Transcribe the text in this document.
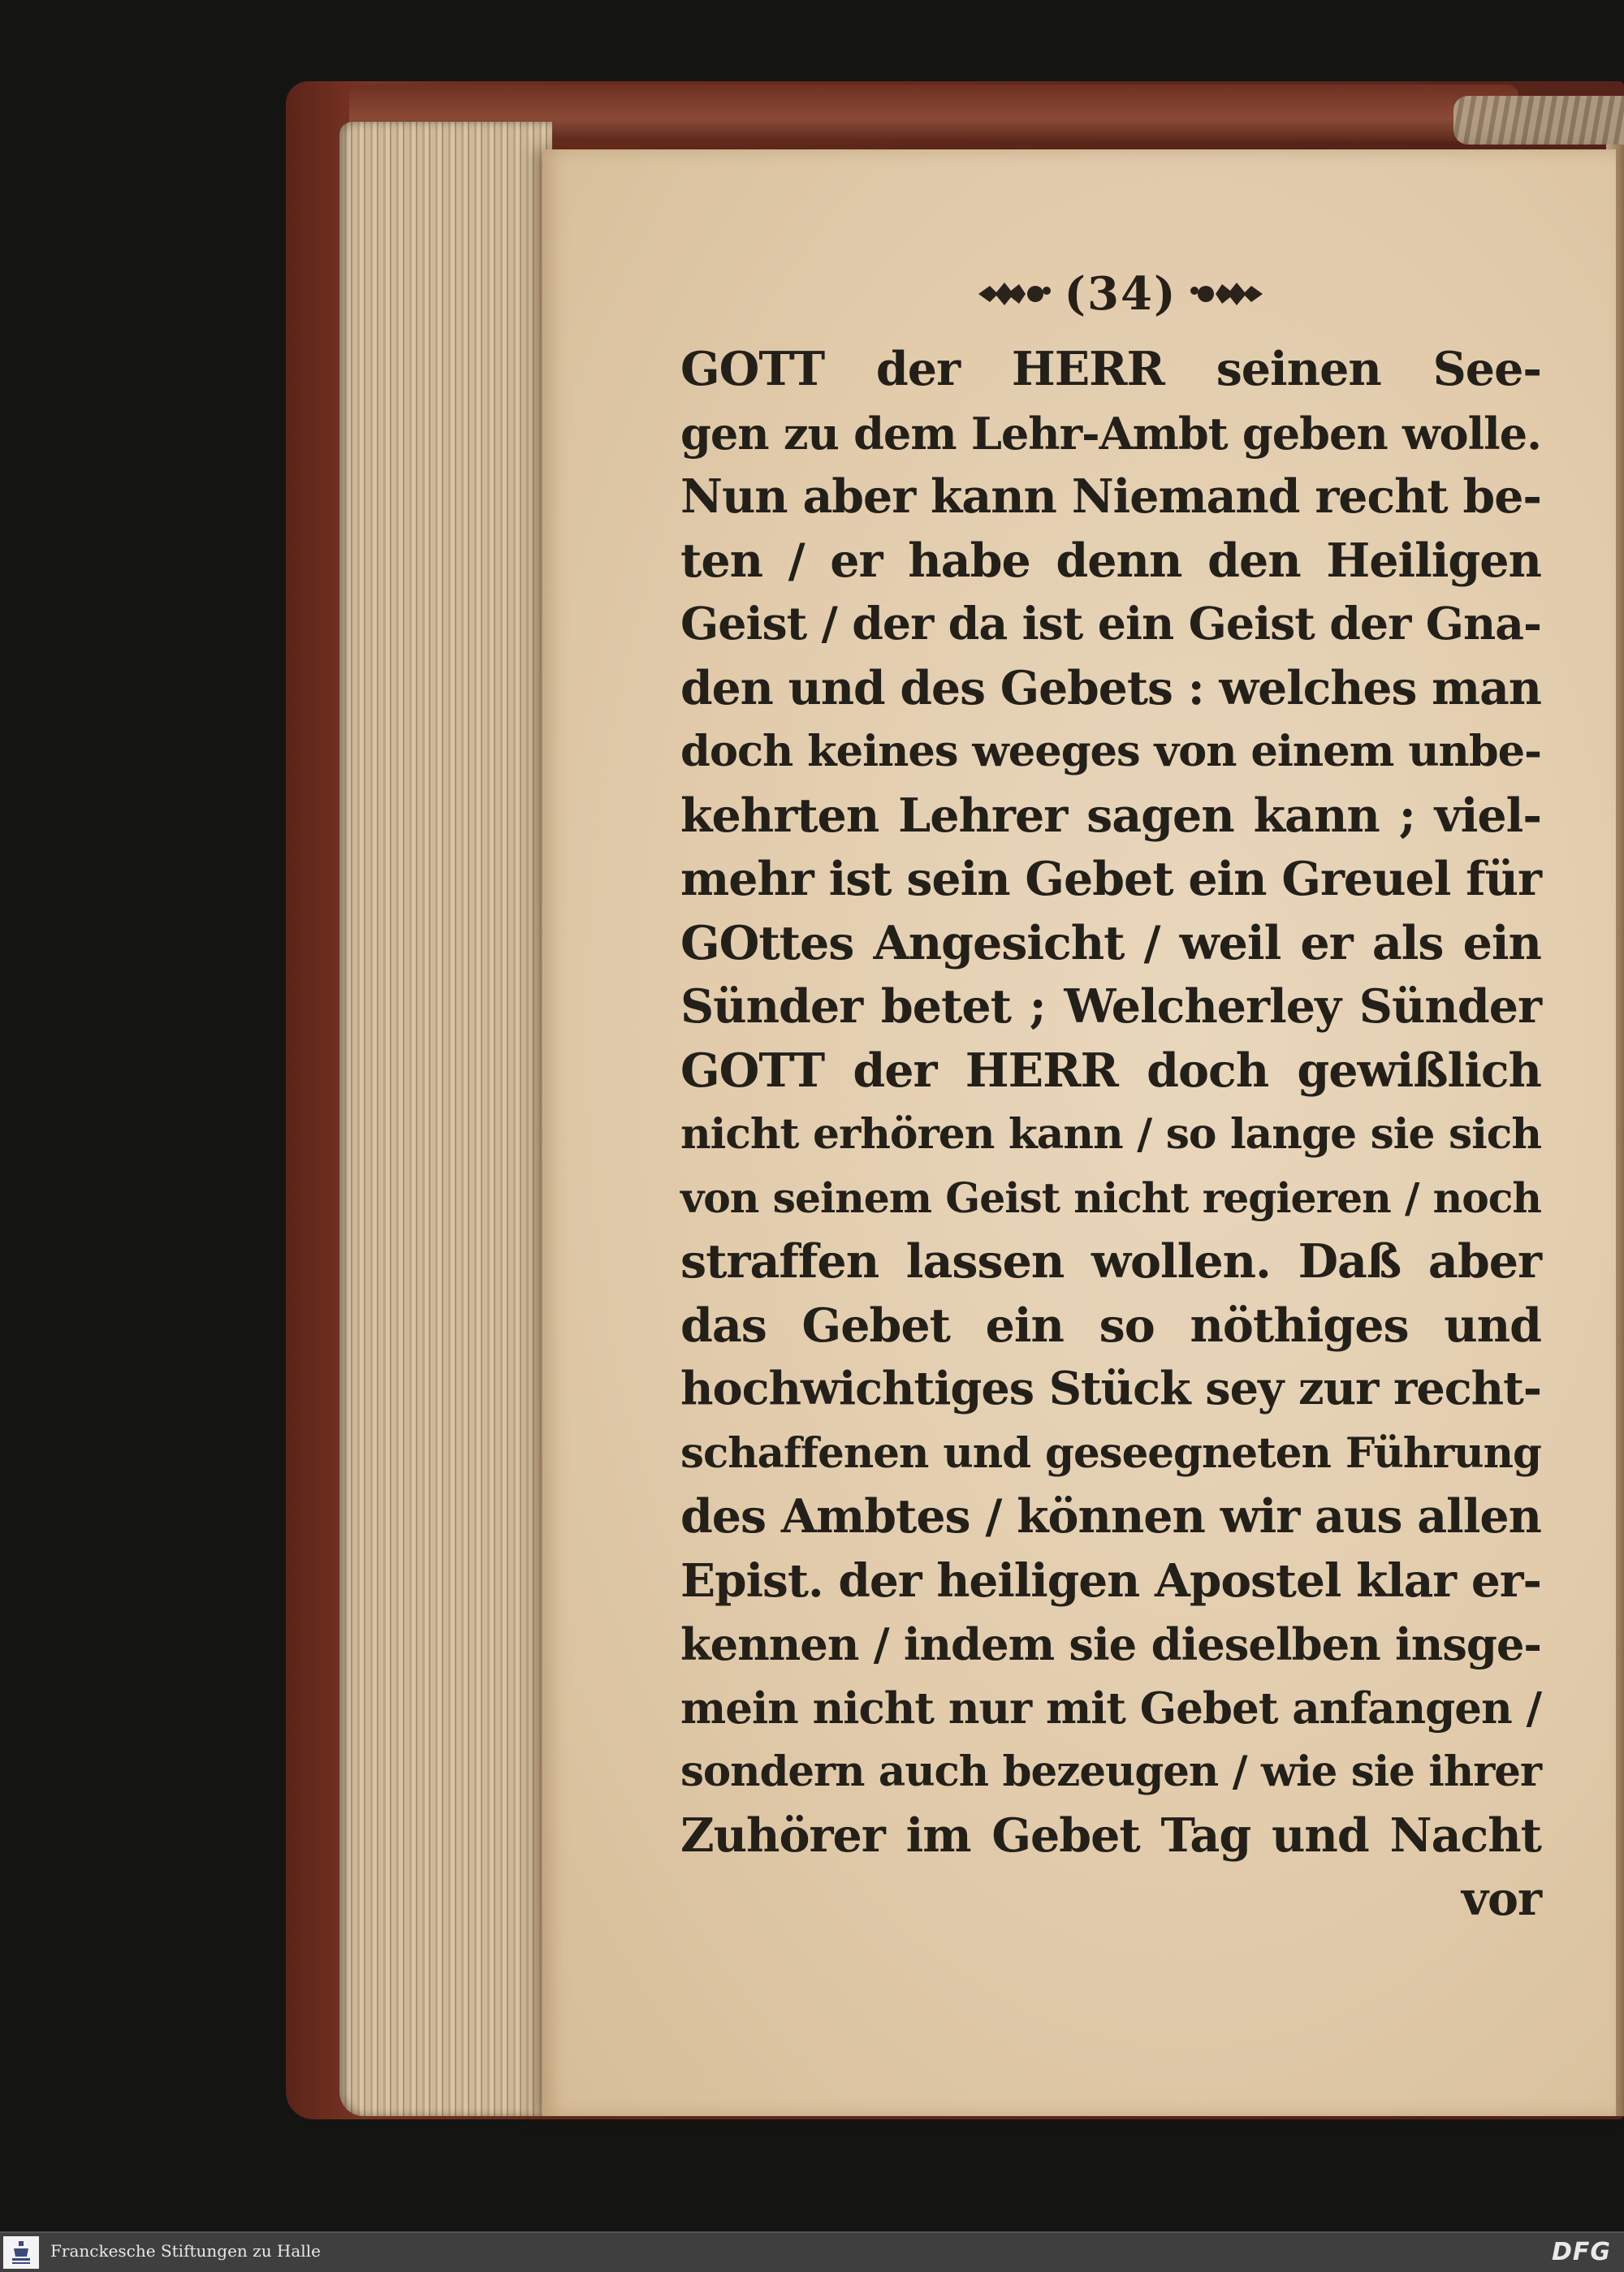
(34)
GOTT der HERR seinen See-
gen zu dem Lehr-Ambt geben wolle.
Nun aber kann Niemand recht be-
ten / er habe denn den Heiligen
Geist / der da ist ein Geist der Gna-
den und des Gebets : welches man
doch keines weeges von einem unbe-
kehrten Lehrer sagen kann ; viel-
mehr ist sein Gebet ein Greuel für
GOttes Angesicht / weil er als ein
Sünder betet ; Welcherley Sünder
GOTT der HERR doch gewißlich
nicht erhören kann / so lange sie sich
von seinem Geist nicht regieren / noch
straffen lassen wollen. Daß aber
das Gebet ein so nöthiges und
hochwichtiges Stück sey zur recht-
schaffenen und geseegneten Führung
des Ambtes / können wir aus allen
Epist. der heiligen Apostel klar er-
kennen / indem sie dieselben insge-
mein nicht nur mit Gebet anfangen /
sondern auch bezeugen / wie sie ihrer
Zuhörer im Gebet Tag und Nacht
vor
Franckesche Stiftungen zu Halle	DFG
